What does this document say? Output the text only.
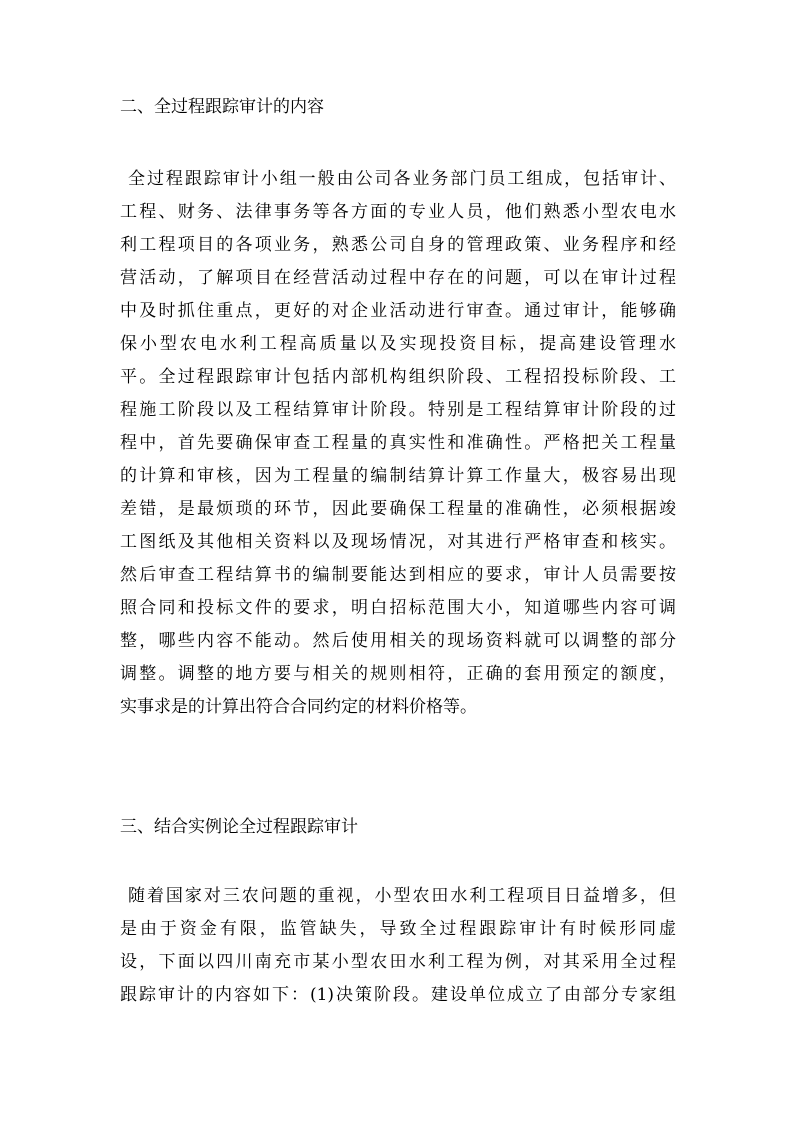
二、全过程跟踪审计的内容
全过程跟踪审计小组一般由公司各业务部门员工组成，包括审计、
工程、财务、法律事务等各方面的专业人员，他们熟悉小型农电水
利工程项目的各项业务，熟悉公司自身的管理政策、业务程序和经
营活动，了解项目在经营活动过程中存在的问题，可以在审计过程
中及时抓住重点，更好的对企业活动进行审查。通过审计，能够确
保小型农电水利工程高质量以及实现投资目标，提高建设管理水
平。全过程跟踪审计包括内部机构组织阶段、工程招投标阶段、工
程施工阶段以及工程结算审计阶段。特别是工程结算审计阶段的过
程中，首先要确保审查工程量的真实性和准确性。严格把关工程量
的计算和审核，因为工程量的编制结算计算工作量大，极容易出现
差错，是最烦琐的环节，因此要确保工程量的准确性，必须根据竣
工图纸及其他相关资料以及现场情况，对其进行严格审查和核实。
然后审查工程结算书的编制要能达到相应的要求，审计人员需要按
照合同和投标文件的要求，明白招标范围大小，知道哪些内容可调
整，哪些内容不能动。然后使用相关的现场资料就可以调整的部分
调整。调整的地方要与相关的规则相符，正确的套用预定的额度，
实事求是的计算出符合合同约定的材料价格等。
三、结合实例论全过程跟踪审计
随着国家对三农问题的重视，小型农田水利工程项目日益增多，但
是由于资金有限，监管缺失，导致全过程跟踪审计有时候形同虚
设，下面以四川南充市某小型农田水利工程为例，对其采用全过程
跟踪审计的内容如下：(1)决策阶段。建设单位成立了由部分专家组
